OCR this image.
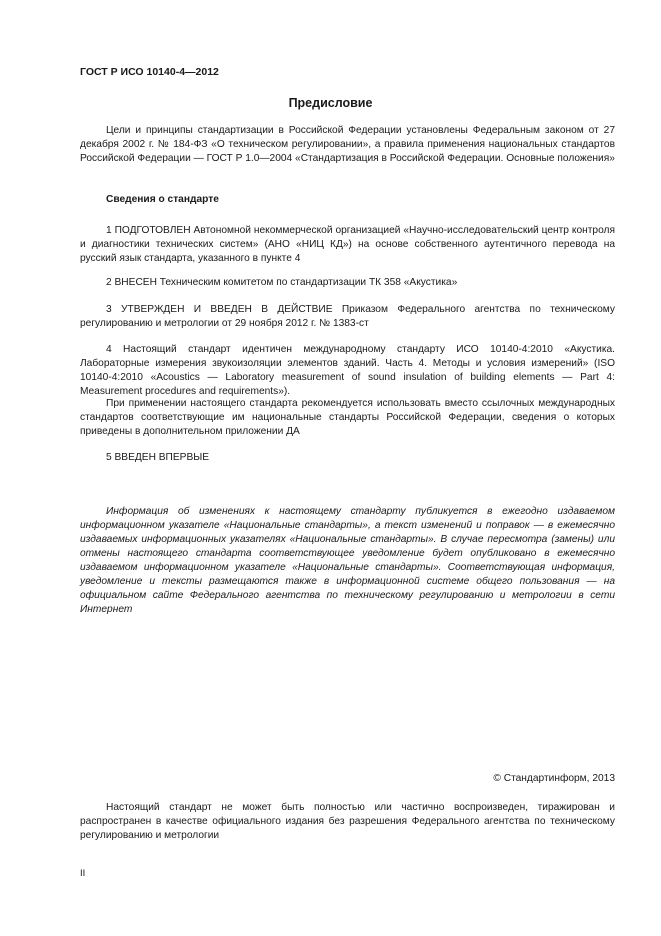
ГОСТ Р ИСО 10140-4—2012
Предисловие

Цели и принципы стандартизации в Российской Федерации установлены Федеральным законом от 27 декабря 2002 г. № 184-ФЗ «О техническом регулировании», а правила применения национальных стандартов Российской Федерации — ГОСТ Р 1.0—2004 «Стандартизация в Российской Федерации. Основные положения»

Сведения о стандарте

1 ПОДГОТОВЛЕН Автономной некоммерческой организацией «Научно-исследовательский центр контроля и диагностики технических систем» (АНО «НИЦ КД») на основе собственного аутентичного перевода на русский язык стандарта, указанного в пункте 4

2 ВНЕСЕН Техническим комитетом по стандартизации ТК 358 «Акустика»

3 УТВЕРЖДЕН И ВВЕДЕН В ДЕЙСТВИЕ Приказом Федерального агентства по техническому регулированию и метрологии от 29 ноября 2012 г. № 1383-ст

4 Настоящий стандарт идентичен международному стандарту ИСО 10140-4:2010 «Акустика. Лабораторные измерения звукоизоляции элементов зданий. Часть 4. Методы и условия измерений» (ISO 10140-4:2010 «Acoustics — Laboratory measurement of sound insulation of building elements — Part 4: Measurement procedures and requirements»).

При применении настоящего стандарта рекомендуется использовать вместо ссылочных международных стандартов соответствующие им национальные стандарты Российской Федерации, сведения о которых приведены в дополнительном приложении ДА

5 ВВЕДЕН ВПЕРВЫЕ

Информация об изменениях к настоящему стандарту публикуется в ежегодно издаваемом информационном указателе «Национальные стандарты», а текст изменений и поправок — в ежемесячно издаваемых информационных указателях «Национальные стандарты». В случае пересмотра (замены) или отмены настоящего стандарта соответствующее уведомление будет опубликовано в ежемесячно издаваемом информационном указателе «Национальные стандарты». Соответствующая информация, уведомление и тексты размещаются также в информационной системе общего пользования — на официальном сайте Федерального агентства по техническому регулированию и метрологии в сети Интернет

© Стандартинформ, 2013

Настоящий стандарт не может быть полностью или частично воспроизведен, тиражирован и распространен в качестве официального издания без разрешения Федерального агентства по техническому регулированию и метрологии

II
